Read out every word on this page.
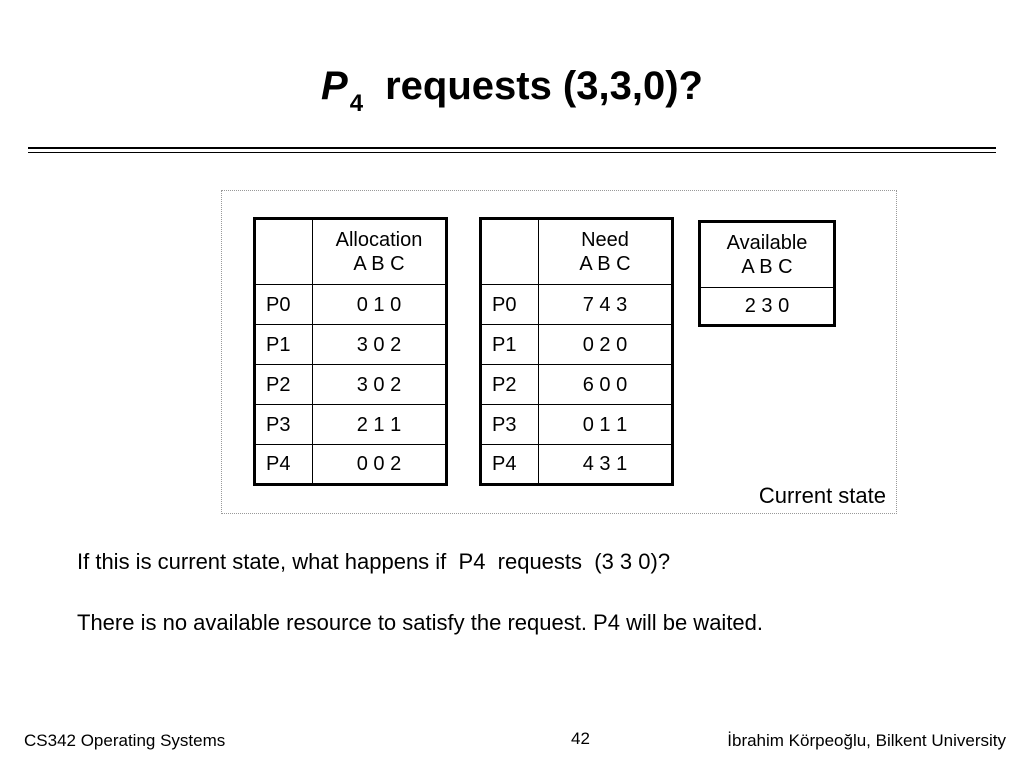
$P_4$ requests (3,3,0)?

	Allocation
A B C

P0	0 1 0
P1	3 0 2
P2	3 0 2
P3	2 1 1
P4	0 0 2

	Need
A B C

P0	7 4 3
P1	0 2 0
P2	6 0 0
P3	0 1 1
P4	4 3 1
Available
A B C

2 3 0
Current state
If this is current state, what happens if  P4  requests  (3 3 0)?
There is no available resource to satisfy the request. P4 will be waited.
CS342 Operating Systems	42	İbrahim Körpeoğlu, Bilkent University
